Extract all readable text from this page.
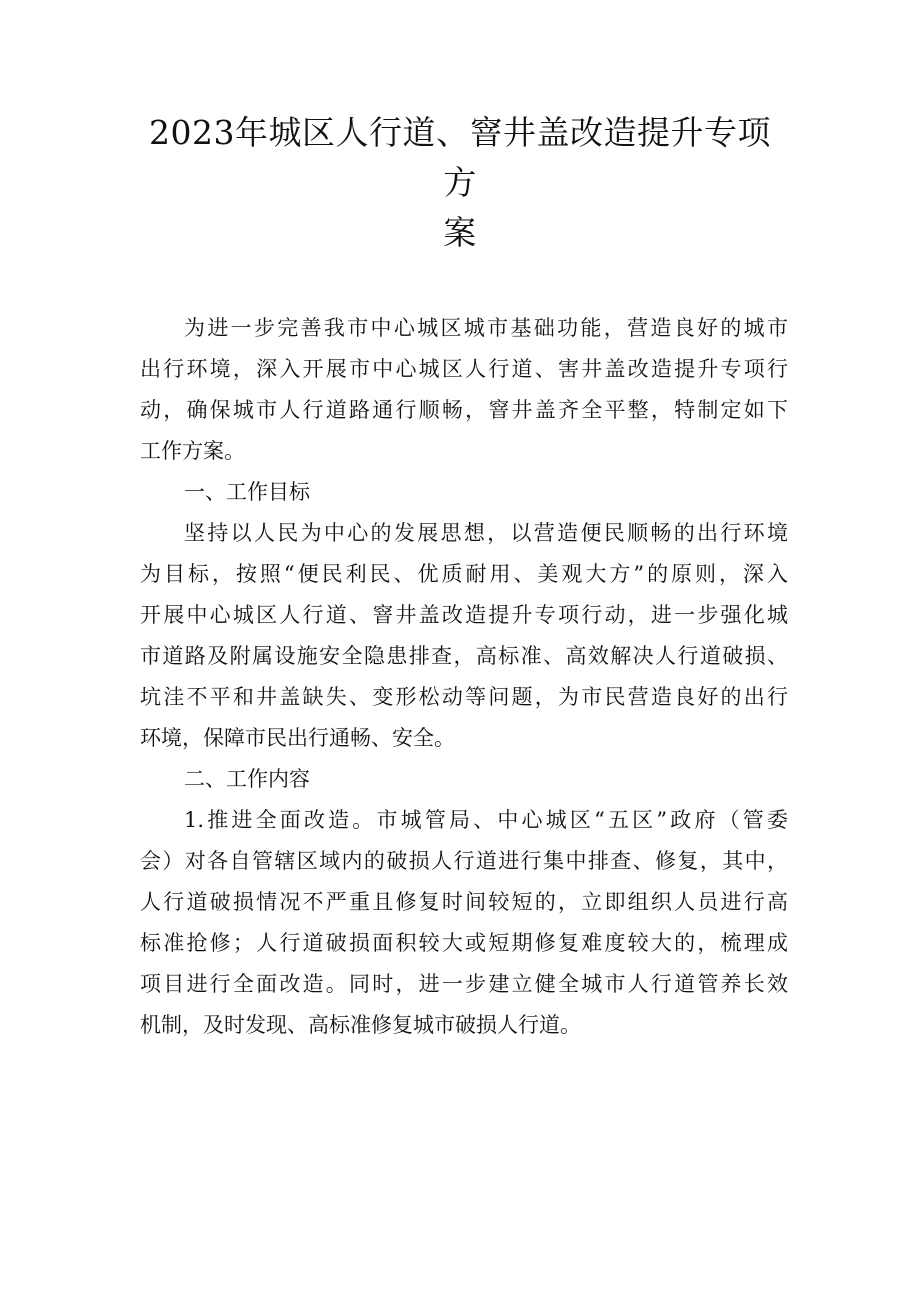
2023年城区人行道、窨井盖改造提升专项
方
案
为进一步完善我市中心城区城市基础功能，营造良好的城市
出行环境，深入开展市中心城区人行道、害井盖改造提升专项行
动，确保城市人行道路通行顺畅，窨井盖齐全平整，特制定如下
工作方案。
一、工作目标
坚持以人民为中心的发展思想，以营造便民顺畅的出行环境
为目标，按照“便民利民、优质耐用、美观大方”的原则，深入
开展中心城区人行道、窨井盖改造提升专项行动，进一步强化城
市道路及附属设施安全隐患排查，高标准、高效解决人行道破损、
坑洼不平和井盖缺失、变形松动等问题，为市民营造良好的出行
环境，保障市民出行通畅、安全。
二、工作内容
1.推进全面改造。市城管局、中心城区“五区”政府（管委
会）对各自管辖区域内的破损人行道进行集中排查、修复，其中，
人行道破损情况不严重且修复时间较短的，立即组织人员进行高
标准抢修；人行道破损面积较大或短期修复难度较大的，梳理成
项目进行全面改造。同时，进一步建立健全城市人行道管养长效
机制，及时发现、高标准修复城市破损人行道。
